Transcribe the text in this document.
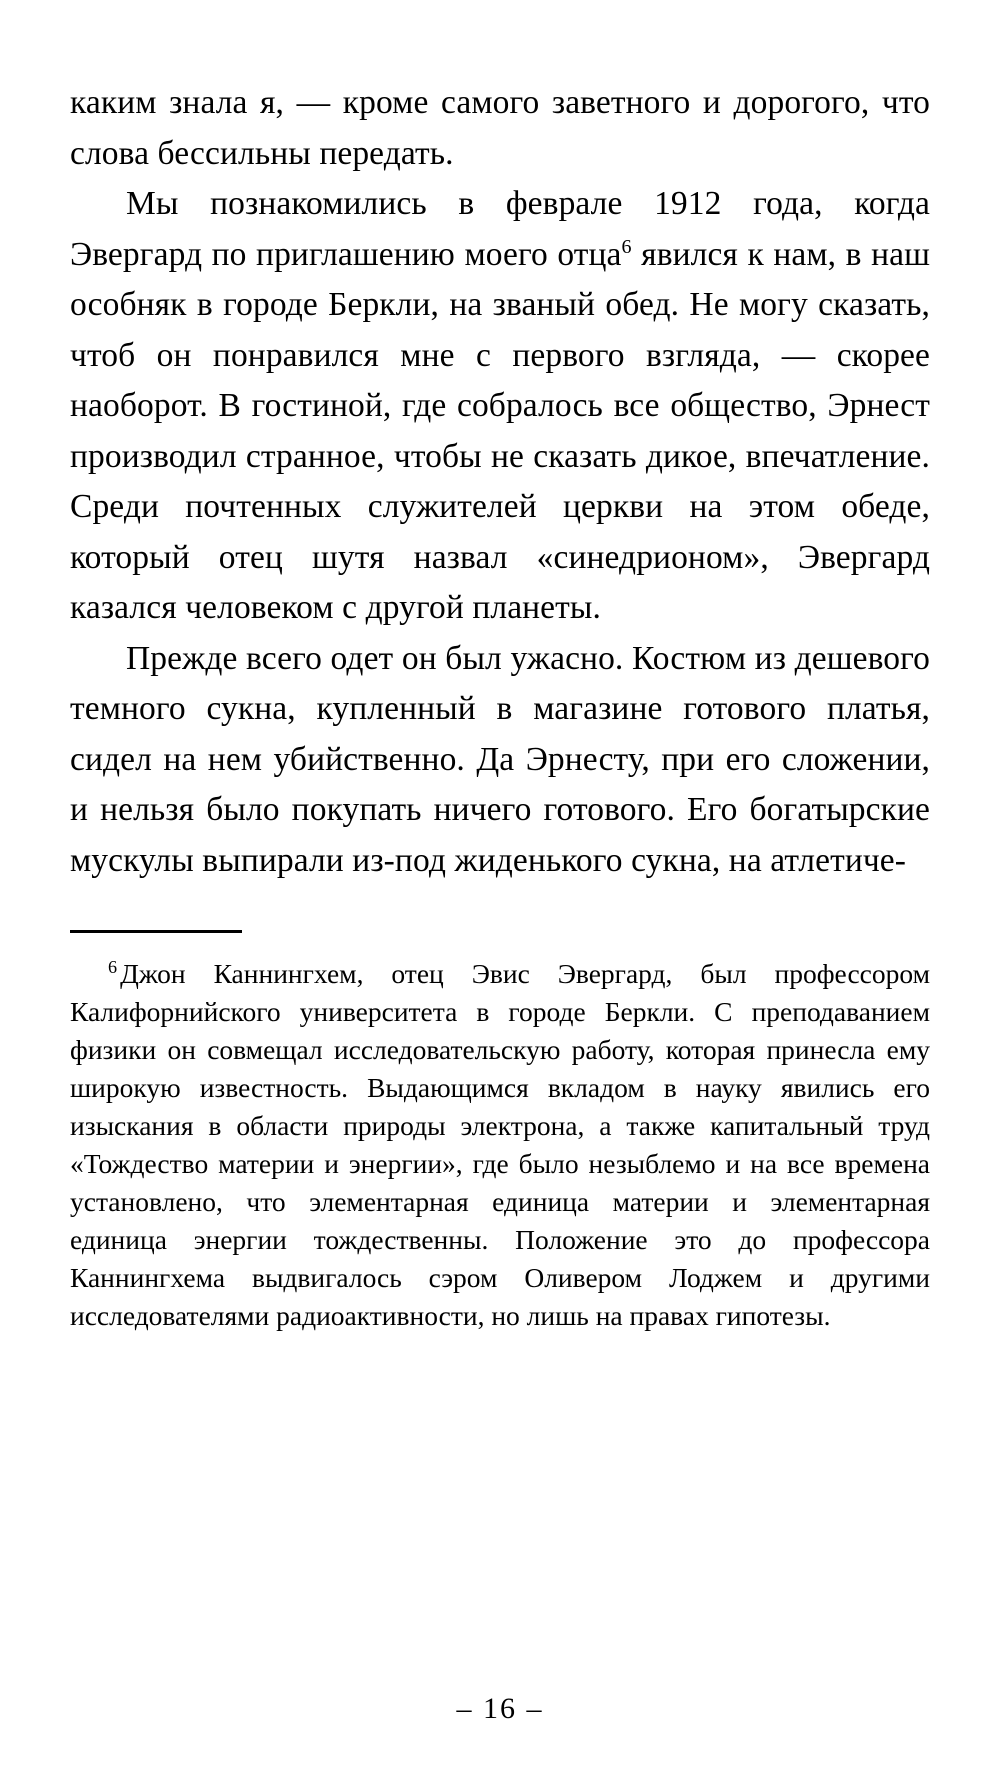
каким знала я, — кроме самого заветного и дорогого, что слова бессильны передать.

Мы познакомились в феврале 1912 года, когда Эвергард по приглашению моего отца$^6$ явился к нам, в наш особняк в городе Беркли, на званый обед. Не могу сказать, чтоб он понравился мне с первого взгляда, — скорее наоборот. В гостиной, где собралось все общество, Эрнест производил странное, чтобы не сказать дикое, впечатление. Среди почтенных служителей церкви на этом обеде, который отец шутя назвал «синедрионом», Эвергард казался человеком с другой планеты.

Прежде всего одет он был ужасно. Костюм из дешевого темного сукна, купленный в магазине готового платья, сидел на нем убийственно. Да Эрнесту, при его сложении, и нельзя было покупать ничего готового. Его богатырские мускулы выпирали из-под жиденького сукна, на атлетиче-

$^6$ Джон Каннингхем, отец Эвис Эвергард, был профессором Калифорнийского университета в городе Беркли. С преподаванием физики он совмещал исследовательскую работу, которая принесла ему широкую известность. Выдающимся вкладом в науку явились его изыскания в области природы электрона, а также капитальный труд «Тождество материи и энергии», где было незыблемо и на все времена установлено, что элементарная единица материи и элементарная единица энергии тождественны. Положение это до профессора Каннингхема выдвигалось сэром Оливером Лоджем и другими исследователями радиоактивности, но лишь на правах гипотезы.

– 16 –
